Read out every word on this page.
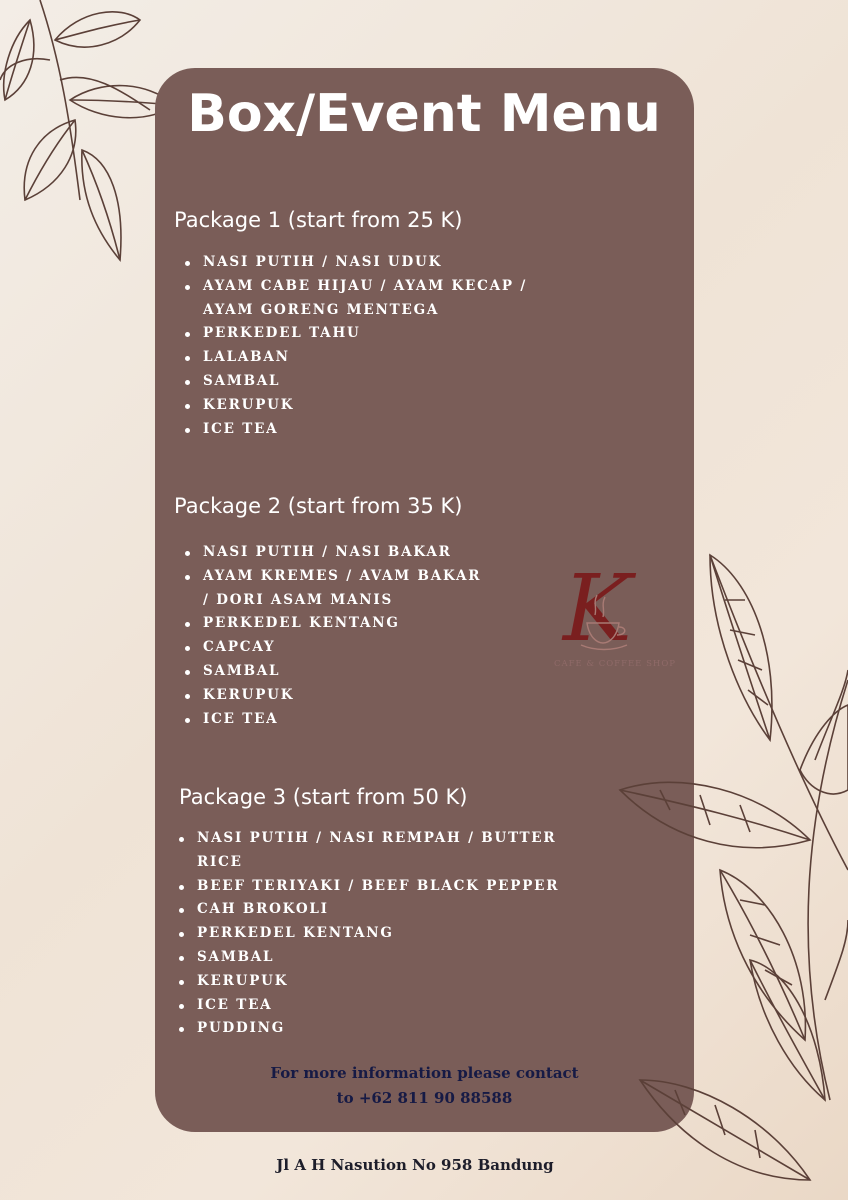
Box/Event Menu
Package 1 (start from 25 K)
NASI PUTIH / NASI UDUK
AYAM CABE HIJAU / AYAM KECAP / AYAM GORENG MENTEGA
PERKEDEL TAHU
LALABAN
SAMBAL
KERUPUK
ICE TEA
Package 2 (start from 35 K)
NASI PUTIH / NASI BAKAR
AYAM KREMES / AVAM BAKAR / DORI ASAM MANIS
PERKEDEL KENTANG
CAPCAY
SAMBAL
KERUPUK
ICE TEA
K
CAFE & COFFEE SHOP
Package 3 (start from 50 K)
NASI PUTIH / NASI REMPAH / BUTTER RICE
BEEF TERIYAKI / BEEF BLACK PEPPER
CAH BROKOLI
PERKEDEL KENTANG
SAMBAL
KERUPUK
ICE TEA
PUDDING
For more information please contact
to +62 811 90 88588
Jl A H Nasution No 958 Bandung
